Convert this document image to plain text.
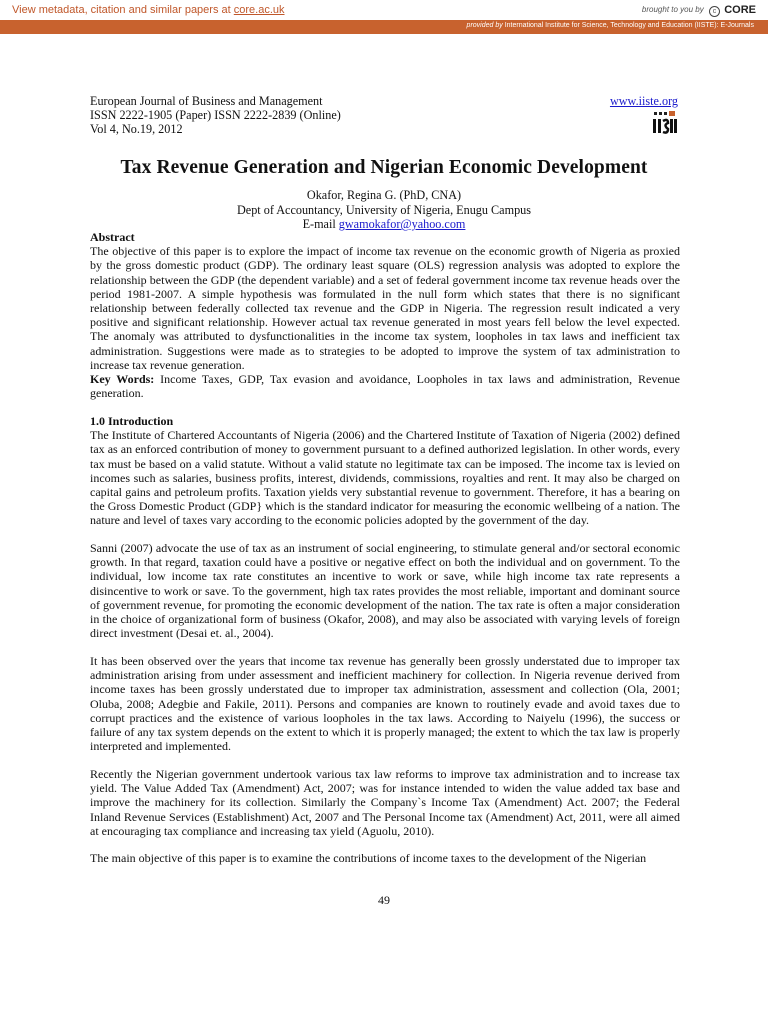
View metadata, citation and similar papers at core.ac.uk	brought to you by c CORE
provided by International Institute for Science, Technology and Education (IISTE): E-Journals
European Journal of Business and Management
ISSN 2222-1905 (Paper) ISSN 2222-2839 (Online)
Vol 4, No.19, 2012
www.iiste.org
Tax Revenue Generation and Nigerian Economic Development
Okafor, Regina G. (PhD, CNA)
Dept of Accountancy, University of Nigeria, Enugu Campus
E-mail gwamokafor@yahoo.com

Abstract

The objective of this paper is to explore the impact of income tax revenue on the economic growth of Nigeria as proxied by the gross domestic product (GDP). The ordinary least square (OLS) regression analysis was adopted to explore the relationship between the GDP (the dependent variable) and a set of federal government income tax revenue heads over the period 1981-2007. A simple hypothesis was formulated in the null form which states that there is no significant relationship between federally collected tax revenue and the GDP in Nigeria. The regression result indicated a very positive and significant relationship. However actual tax revenue generated in most years fell below the level expected. The anomaly was attributed to dysfunctionalities in the income tax system, loopholes in tax laws and inefficient tax administration. Suggestions were made as to strategies to be adopted to improve the system of tax administration to increase tax revenue generation.

Key Words: Income Taxes, GDP, Tax evasion and avoidance, Loopholes in tax laws and administration, Revenue generation.

1.0 Introduction

The Institute of Chartered Accountants of Nigeria (2006) and the Chartered Institute of Taxation of Nigeria (2002) defined tax as an enforced contribution of money to government pursuant to a defined authorized legislation. In other words, every tax must be based on a valid statute. Without a valid statute no legitimate tax can be imposed. The income tax is levied on incomes such as salaries, business profits, interest, dividends, commissions, royalties and rent. It may also be charged on capital gains and petroleum profits. Taxation yields very substantial revenue to government. Therefore, it has a bearing on the Gross Domestic Product (GDP} which is the standard indicator for measuring the economic wellbeing of a nation. The nature and level of taxes vary according to the economic policies adopted by the government of the day.

Sanni (2007) advocate the use of tax as an instrument of social engineering, to stimulate general and/or sectoral economic growth. In that regard, taxation could have a positive or negative effect on both the individual and on government. To the individual, low income tax rate constitutes an incentive to work or save, while high income tax rate represents a disincentive to work or save. To the government, high tax rates provides the most reliable, important and dominant source of government revenue, for promoting the economic development of the nation. The tax rate is often a major consideration in the choice of organizational form of business (Okafor, 2008), and may also be associated with varying levels of foreign direct investment (Desai et. al., 2004).

It has been observed over the years that income tax revenue has generally been grossly understated due to improper tax administration arising from under assessment and inefficient machinery for collection. In Nigeria revenue derived from income taxes has been grossly understated due to improper tax administration, assessment and collection (Ola, 2001; Oluba, 2008; Adegbie and Fakile, 2011). Persons and companies are known to routinely evade and avoid taxes due to corrupt practices and the existence of various loopholes in the tax laws. According to Naiyelu (1996), the success or failure of any tax system depends on the extent to which it is properly managed; the extent to which the tax law is properly interpreted and implemented.

Recently the Nigerian government undertook various tax law reforms to improve tax administration and to increase tax yield. The Value Added Tax (Amendment) Act, 2007; was for instance intended to widen the value added tax base and improve the machinery for its collection. Similarly the Company`s Income Tax (Amendment) Act. 2007; the Federal Inland Revenue Services (Establishment) Act, 2007 and The Personal Income tax (Amendment) Act, 2011, were all aimed at encouraging tax compliance and increasing tax yield (Aguolu, 2010).

The main objective of this paper is to examine the contributions of income taxes to the development of the Nigerian

49
